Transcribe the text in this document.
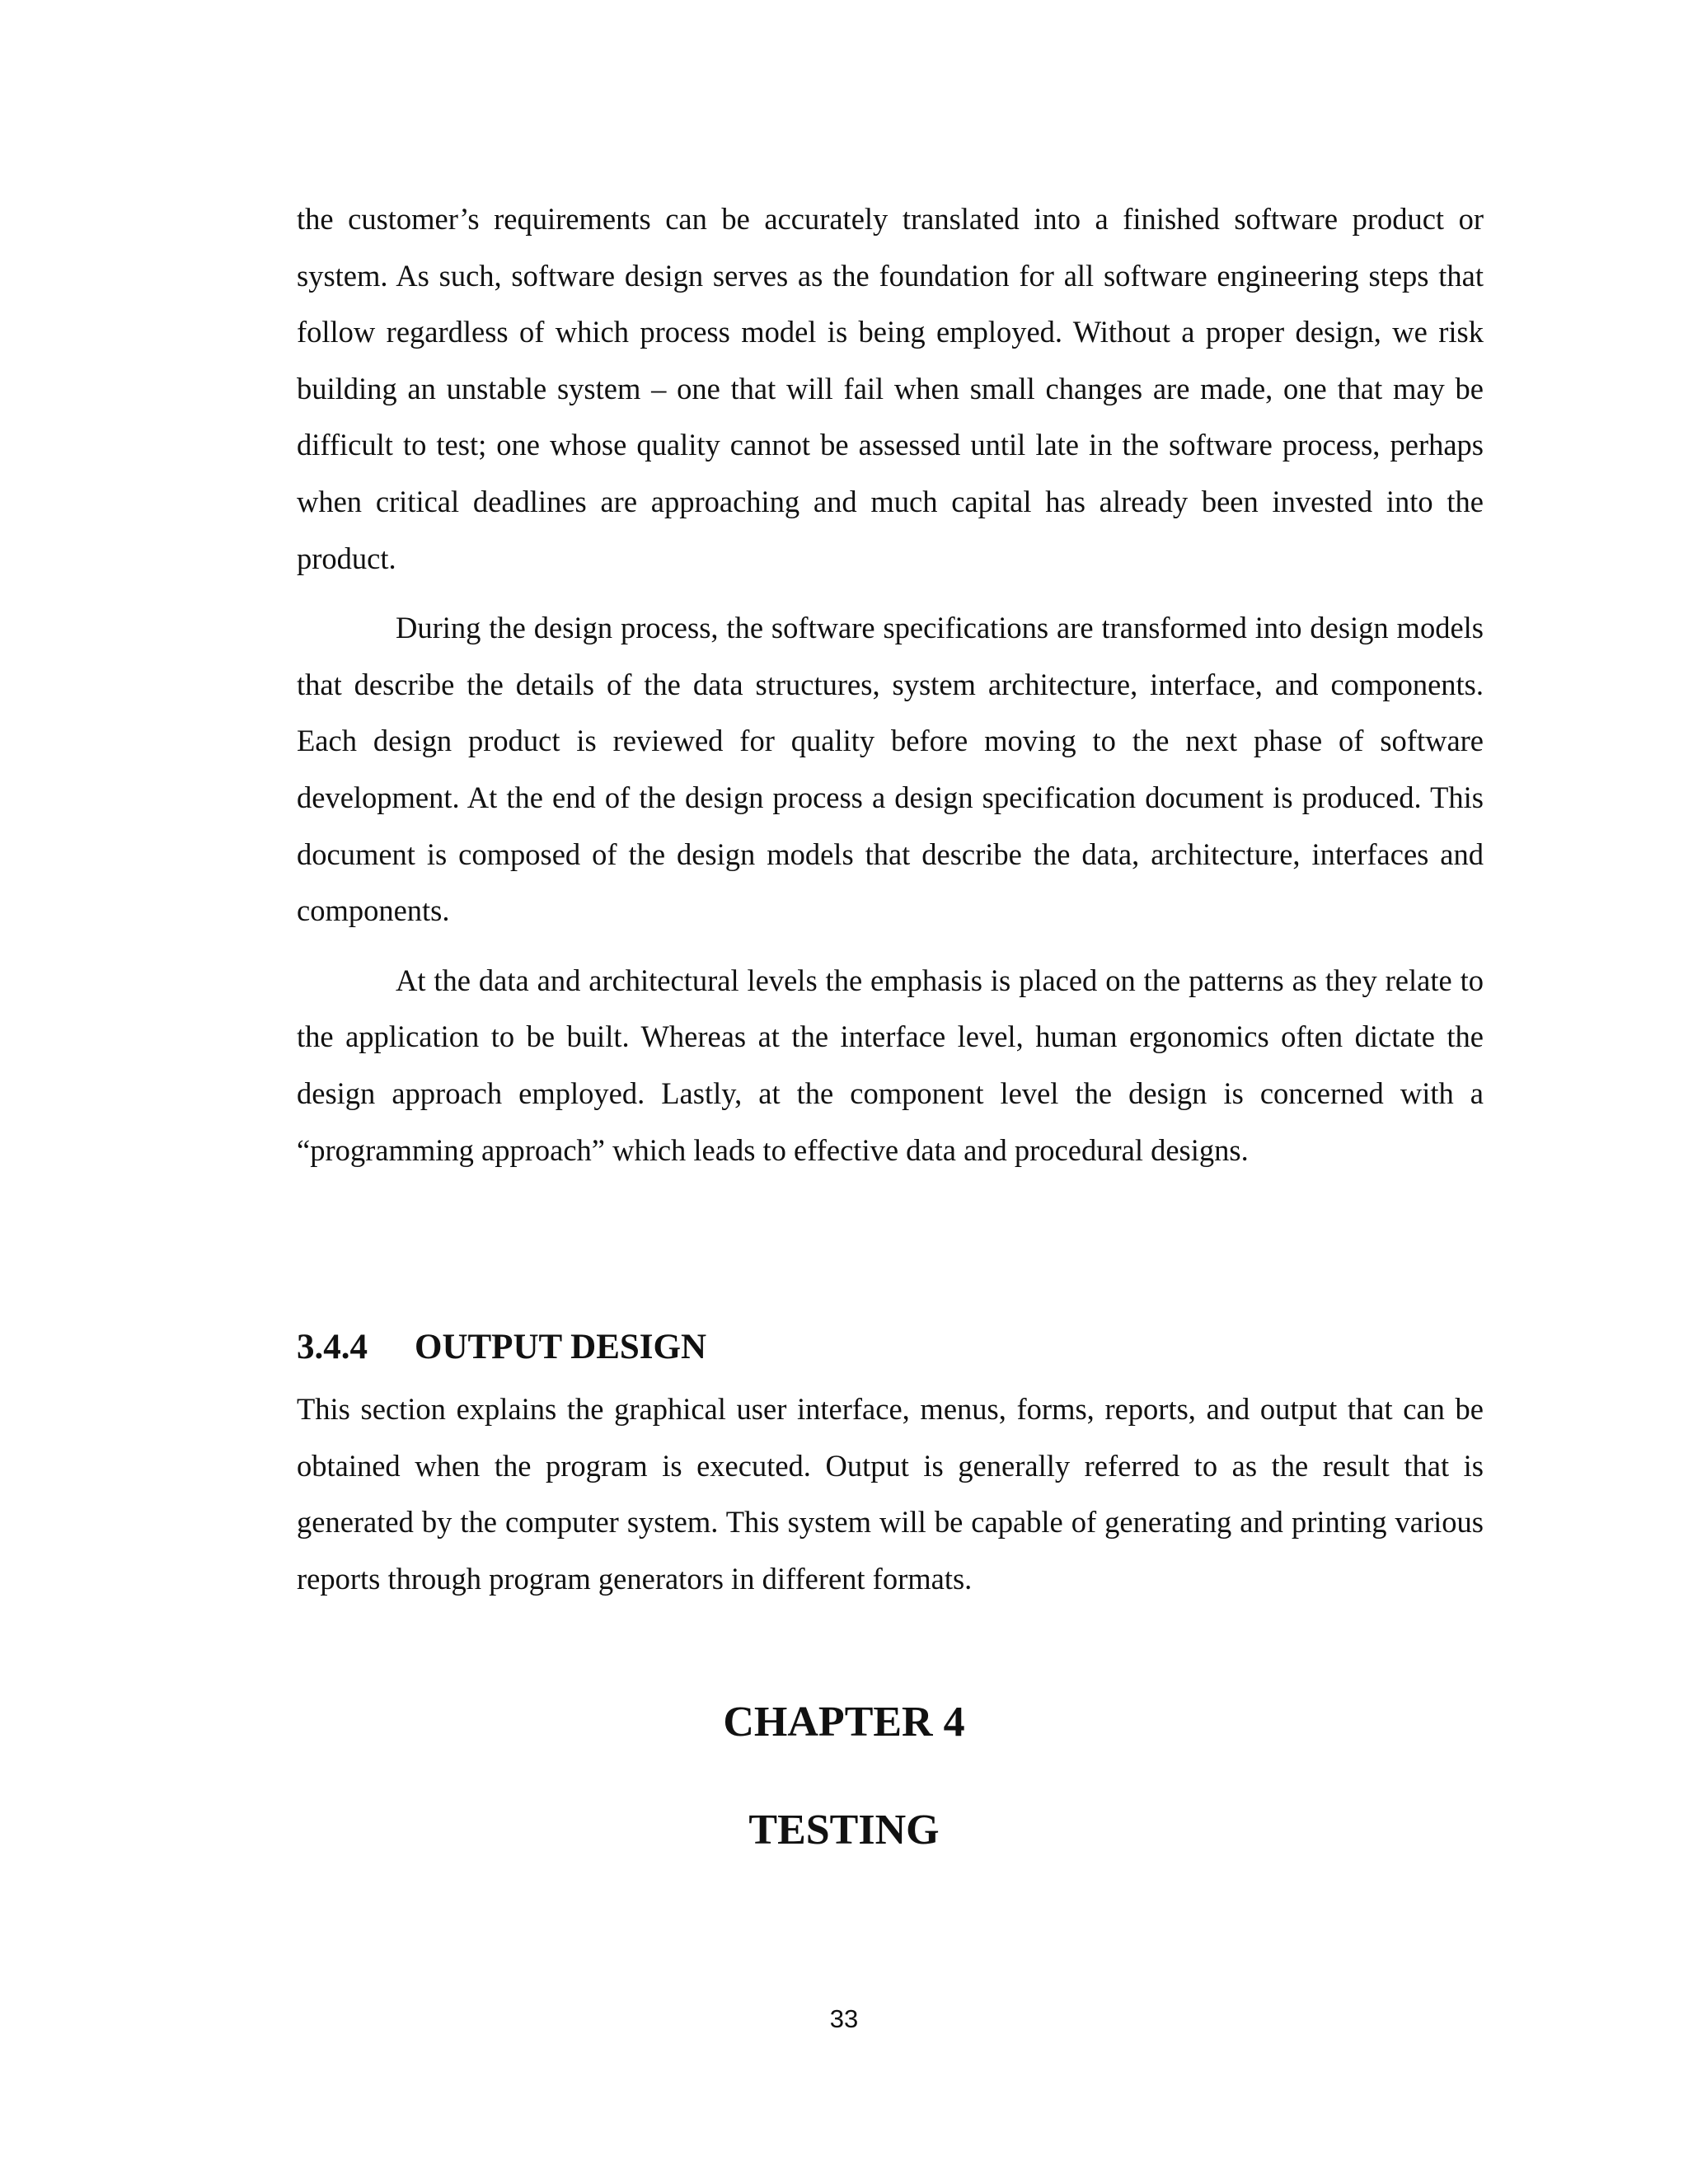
the customer’s requirements can be accurately translated into a finished software product or system. As such, software design serves as the foundation for all software engineering steps that follow regardless of which process model is being employed. Without a proper design, we risk building an unstable system – one that will fail when small changes are made, one that may be difficult to test; one whose quality cannot be assessed until late in the software process, perhaps when critical deadlines are approaching and much capital has already been invested into the product.

During the design process, the software specifications are transformed into design models that describe the details of the data structures, system architecture, interface, and components. Each design product is reviewed for quality before moving to the next phase of software development. At the end of the design process a design specification document is produced. This document is composed of the design models that describe the data, architecture, interfaces and components.

At the data and architectural levels the emphasis is placed on the patterns as they relate to the application to be built. Whereas at the interface level, human ergonomics often dictate the design approach employed. Lastly, at the component level the design is concerned with a “programming approach” which leads to effective data and procedural designs.

3.4.4 OUTPUT DESIGN

This section explains the graphical user interface, menus, forms, reports, and output that can be obtained when the program is executed. Output is generally referred to as the result that is generated by the computer system. This system will be capable of generating and printing various reports through program generators in different formats.

CHAPTER 4
TESTING
33
